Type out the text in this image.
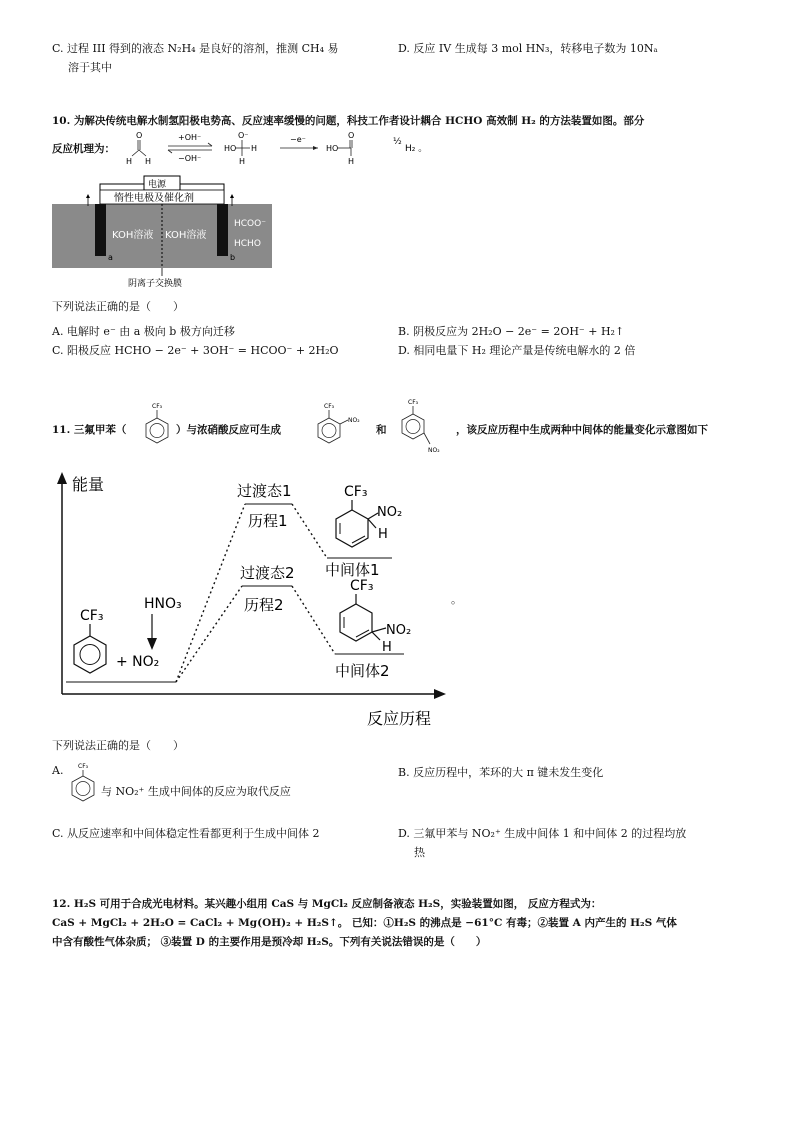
C. 过程 III 得到的液态 N₂H₄ 是良好的溶剂，推测 CH₄ 易
溶于其中
D. 反应 IV 生成每 3 mol HN₃，转移电子数为 10Nₐ
10. 为解决传统电解水制氢阳极电势高、反应速率缓慢的问题，科技工作者设计耦合 HCHO 高效制 H₂ 的方法装置如图。部分
反应机理为：
O
H H
+OH⁻
−OH⁻
O⁻
HO H
H
−e⁻	O
HO
H
½
H₂ 。
电源
惰性电极及催化剂
a	b
KOH溶液 KOH溶液
HCOO⁻
HCHO
阴离子交换膜
下列说法正确的是（　　）
A. 电解时 e⁻ 由 a 极向 b 极方向迁移	B. 阴极反应为 2H₂O − 2e⁻ = 2OH⁻ + H₂↑
C. 阳极反应 HCHO − 2e⁻ + 3OH⁻ = HCOO⁻ + 2H₂O	D. 相同电量下 H₂ 理论产量是传统电解水的 2 倍
11. 三氟甲苯（
CF₃
）与浓硝酸反应可生成
CF₃
NO₂
和
CF₃
NO₂
，该反应历程中生成两种中间体的能量变化示意图如下
能量
反应历程
过渡态1
历程1
过渡态2
历程2
中间体1
中间体2
CF₃
+ NO₂
HNO₃
CF₃
NO₂
H
CF₃
NO₂
H
。
下列说法正确的是（　　）
A. CF₃
与 NO₂⁺ 生成中间体的反应为取代反应
B. 反应历程中，苯环的大 π 键未发生变化
C. 从反应速率和中间体稳定性看都更利于生成中间体 2	D. 三氟甲苯与 NO₂⁺ 生成中间体 1 和中间体 2 的过程均放
热
12. H₂S 可用于合成光电材料。某兴趣小组用 CaS 与 MgCl₂ 反应制备液态 H₂S，实验装置如图， 反应方程式为：
CaS + MgCl₂ + 2H₂O = CaCl₂ + Mg(OH)₂ + H₂S↑。 已知：①H₂S 的沸点是 −61°C 有毒；②装置 A 内产生的 H₂S 气体
中含有酸性气体杂质； ③装置 D 的主要作用是预冷却 H₂S。下列有关说法错误的是（　　）
